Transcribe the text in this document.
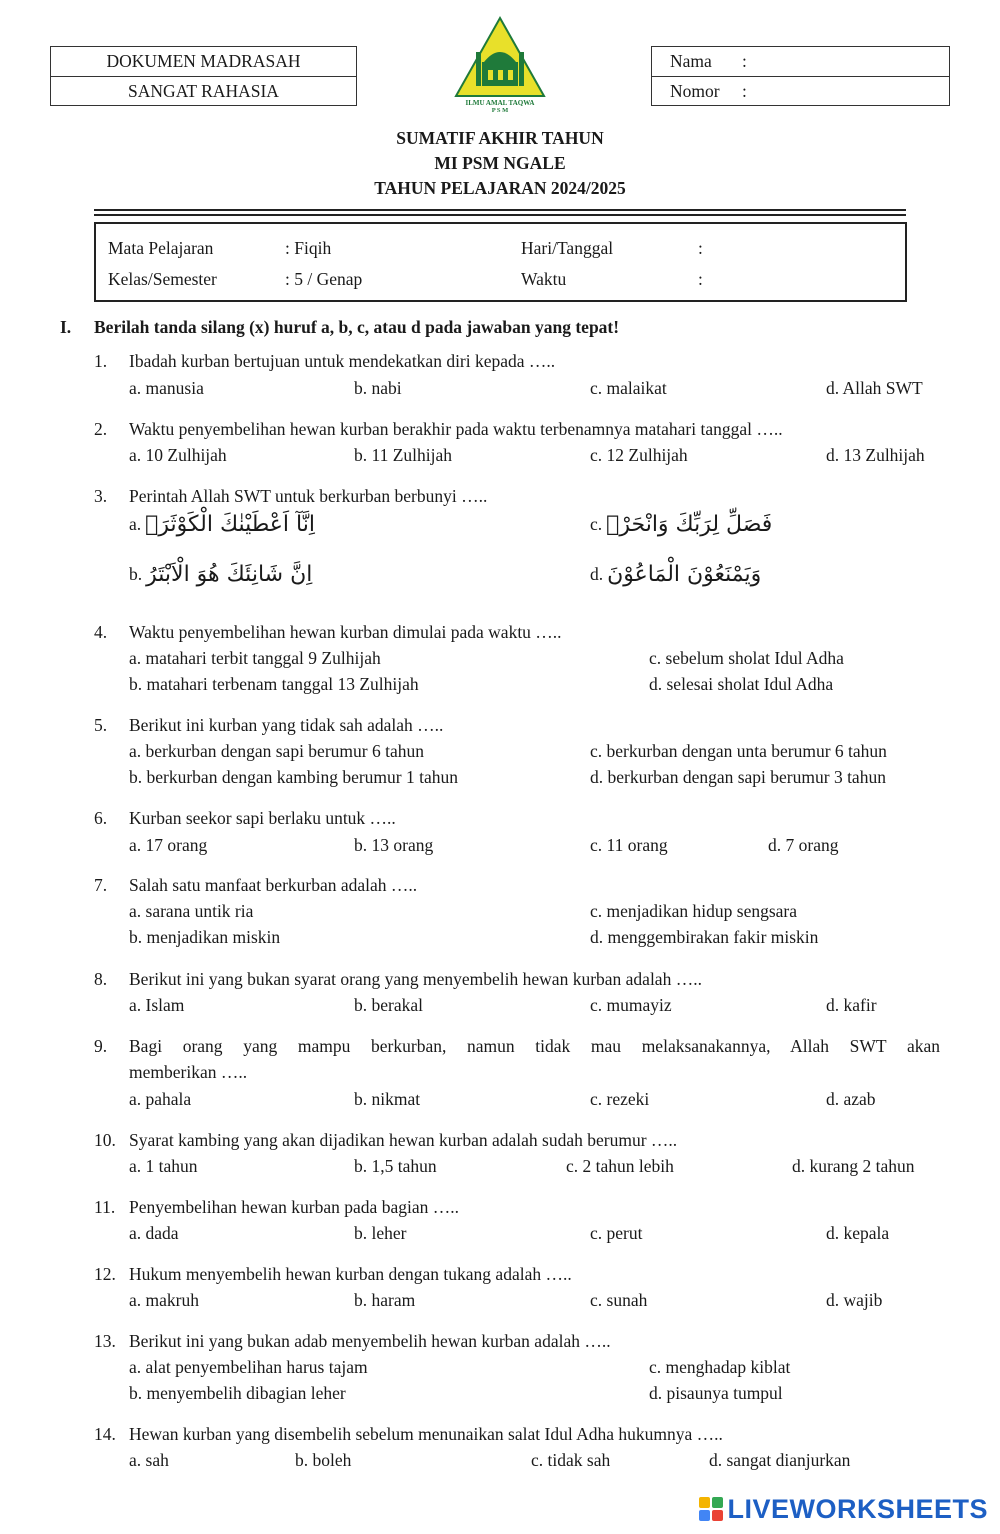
DOKUMEN MADRASAH
SANGAT RAHASIA
ILMU AMAL TAQWA
P S M
Nama :
Nomor :
SUMATIF AKHIR TAHUN
MI PSM NGALE
TAHUN PELAJARAN 2024/2025
Mata Pelajaran	: Fiqih	Hari/Tanggal	:
Kelas/Semester	: 5 / Genap	Waktu	:
I. Berilah tanda silang (x) huruf a, b, c, atau d pada jawaban yang tepat!
1. Ibadah kurban bertujuan untuk mendekatkan diri kepada …..
a. manusia	b. nabi	c. malaikat	d. Allah SWT
2. Waktu penyembelihan hewan kurban berakhir pada waktu terbenamnya matahari tanggal …..
a. 10 Zulhijah	b. 11 Zulhijah	c. 12 Zulhijah	d. 13 Zulhijah
3. Perintah Allah SWT untuk berkurban berbunyi …..
a. اِنَّآ اَعْطَيْنٰكَ الْكَوْثَرَۗ
b. اِنَّ شَانِئَكَ هُوَ الْاَبْتَرُ
c. فَصَلِّ لِرَبِّكَ وَانْحَرْۗ
d. وَيَمْنَعُوْنَ الْمَاعُوْنَ
4. Waktu penyembelihan hewan kurban dimulai pada waktu …..
a. matahari terbit tanggal 9 Zulhijah
b. matahari terbenam tanggal 13 Zulhijah
c. sebelum sholat Idul Adha
d. selesai sholat Idul Adha
5. Berikut ini kurban yang tidak sah adalah …..
a. berkurban dengan sapi berumur 6 tahun
b. berkurban dengan kambing berumur 1 tahun
c. berkurban dengan unta berumur 6 tahun
d. berkurban dengan sapi berumur 3 tahun
6. Kurban seekor sapi berlaku untuk …..
a. 17 orang	b. 13 orang	c. 11 orang	d. 7 orang
7. Salah satu manfaat berkurban adalah …..
a. sarana untik ria
b. menjadikan miskin
c. menjadikan hidup sengsara
d. menggembirakan fakir miskin
8. Berikut ini yang bukan syarat orang yang menyembelih hewan kurban adalah …..
a. Islam	b. berakal	c. mumayiz	d. kafir
9. Bagi orang yang mampu berkurban, namun tidak mau melaksanakannya, Allah SWT akan
memberikan …..
a. pahala	b. nikmat	c. rezeki	d. azab
10. Syarat kambing yang akan dijadikan hewan kurban adalah sudah berumur …..
a. 1 tahun	b. 1,5 tahun	c. 2 tahun lebih	d. kurang 2 tahun
11. Penyembelihan hewan kurban pada bagian …..
a. dada	b. leher	c. perut	d. kepala
12. Hukum menyembelih hewan kurban dengan tukang adalah …..
a. makruh	b. haram	c. sunah	d. wajib
13. Berikut ini yang bukan adab menyembelih hewan kurban adalah …..
a. alat penyembelihan harus tajam
b. menyembelih dibagian leher
c. menghadap kiblat
d. pisaunya tumpul
14. Hewan kurban yang disembelih sebelum menunaikan salat Idul Adha hukumnya …..
a. sah	b. boleh	c. tidak sah	d. sangat dianjurkan
LIVEWORKSHEETS
